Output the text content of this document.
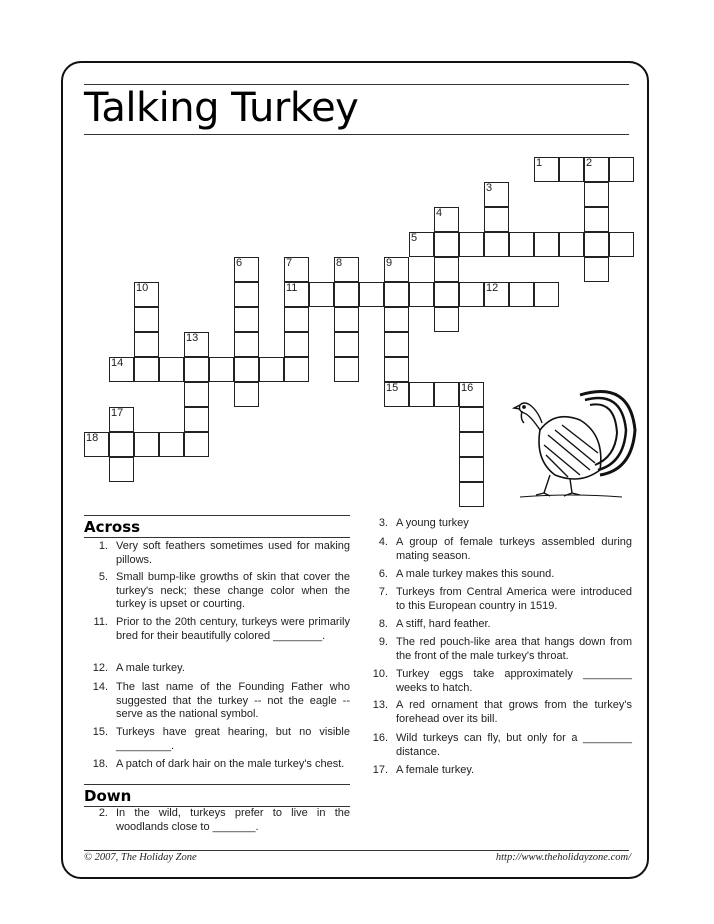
Talking Turkey
1	2
5
11	12
14
15	16
18
3
4
6	7	8	9
10
13
17
Across
1. Very soft feathers sometimes used for making pillows.
5. Small bump-like growths of skin that cover the turkey's neck; these change color when the turkey is upset or courting.
11. Prior to the 20th century, turkeys were primarily bred for their beautifully colored ________.
12. A male turkey.
14. The last name of the Founding Father who suggested that the turkey -- not the eagle -- serve as the national symbol.
15. Turkeys have great hearing, but no visible _________.
18. A patch of dark hair on the male turkey's chest.
Down
2. In the wild, turkeys prefer to live in the woodlands close to _______.
3. A young turkey
4. A group of female turkeys assembled during mating season.
6. A male turkey makes this sound.
7. Turkeys from Central America were introduced to this European country in 1519.
8. A stiff, hard feather.
9. The red pouch-like area that hangs down from the front of the male turkey's throat.
10. Turkey eggs take approximately ________ weeks to hatch.
13. A red ornament that grows from the turkey's forehead over its bill.
16. Wild turkeys can fly, but only for a ________ distance.
17. A female turkey.
© 2007, The Holiday Zone	http://www.theholidayzone.com/
